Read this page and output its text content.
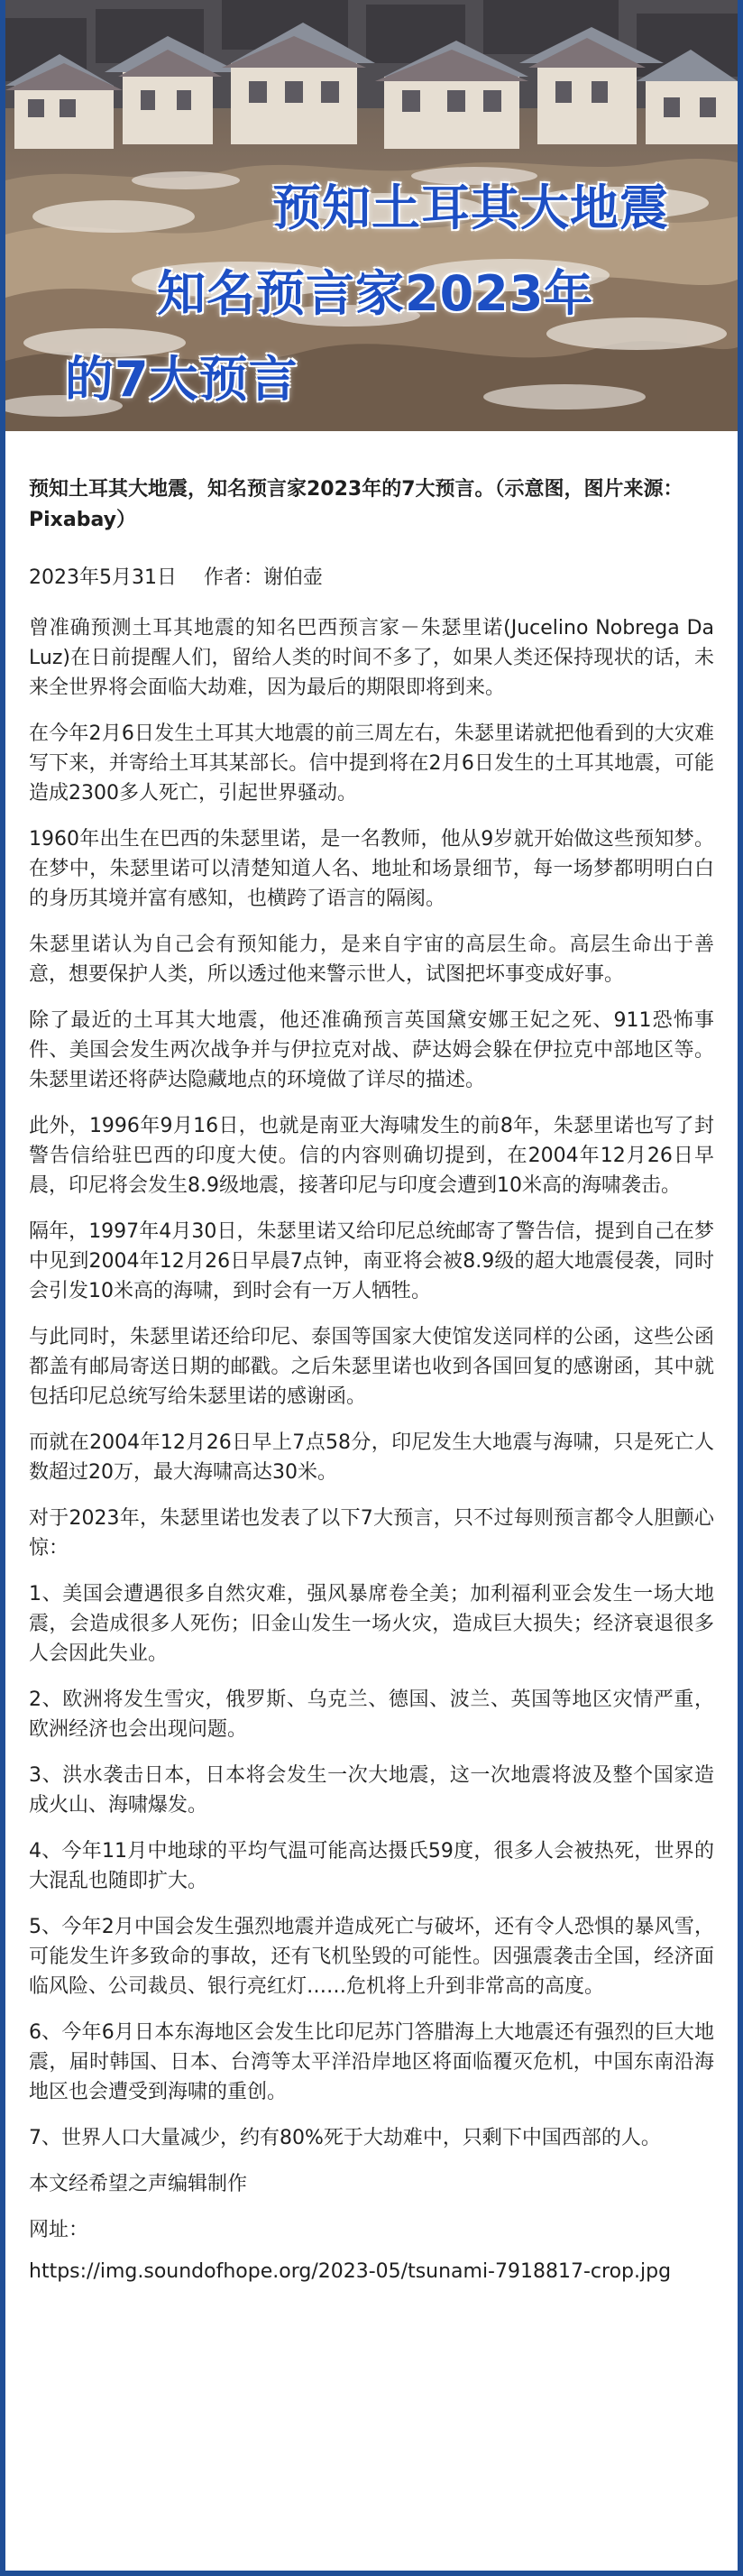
预知土耳其大地震
知名预言家2023年
的7大预言

预知土耳其大地震，知名预言家2023年的7大预言。（示意图，图片来源：Pixabay）

2023年5月31日 作者：谢伯壶

曾准确预测土耳其地震的知名巴西预言家－朱瑟里诺(Jucelino Nobrega Da Luz)在日前提醒人们，留给人类的时间不多了，如果人类还保持现状的话，未来全世界将会面临大劫难，因为最后的期限即将到来。

在今年2月6日发生土耳其大地震的前三周左右，朱瑟里诺就把他看到的大灾难写下来，并寄给土耳其某部长。信中提到将在2月6日发生的土耳其地震，可能造成2300多人死亡，引起世界骚动。

1960年出生在巴西的朱瑟里诺，是一名教师，他从9岁就开始做这些预知梦。在梦中，朱瑟里诺可以清楚知道人名、地址和场景细节，每一场梦都明明白白的身历其境并富有感知，也横跨了语言的隔阂。

朱瑟里诺认为自己会有预知能力，是来自宇宙的高层生命。高层生命出于善意，想要保护人类，所以透过他来警示世人，试图把坏事变成好事。

除了最近的土耳其大地震，他还准确预言英国黛安娜王妃之死、911恐怖事件、美国会发生两次战争并与伊拉克对战、萨达姆会躲在伊拉克中部地区等。朱瑟里诺还将萨达隐藏地点的环境做了详尽的描述。

此外，1996年9月16日，也就是南亚大海啸发生的前8年，朱瑟里诺也写了封警告信给驻巴西的印度大使。信的内容则确切提到，在2004年12月26日早晨，印尼将会发生8.9级地震，接著印尼与印度会遭到10米高的海啸袭击。

隔年，1997年4月30日，朱瑟里诺又给印尼总统邮寄了警告信，提到自己在梦中见到2004年12月26日早晨7点钟，南亚将会被8.9级的超大地震侵袭，同时会引发10米高的海啸，到时会有一万人牺牲。

与此同时，朱瑟里诺还给印尼、泰国等国家大使馆发送同样的公函，这些公函都盖有邮局寄送日期的邮戳。之后朱瑟里诺也收到各国回复的感谢函，其中就包括印尼总统写给朱瑟里诺的感谢函。

而就在2004年12月26日早上7点58分，印尼发生大地震与海啸，只是死亡人数超过20万，最大海啸高达30米。

对于2023年，朱瑟里诺也发表了以下7大预言，只不过每则预言都令人胆颤心惊：

1、美国会遭遇很多自然灾难，强风暴席卷全美；加利福利亚会发生一场大地震，会造成很多人死伤；旧金山发生一场火灾，造成巨大损失；经济衰退很多人会因此失业。

2、欧洲将发生雪灾，俄罗斯、乌克兰、德国、波兰、英国等地区灾情严重，欧洲经济也会出现问题。

3、洪水袭击日本，日本将会发生一次大地震，这一次地震将波及整个国家造成火山、海啸爆发。

4、今年11月中地球的平均气温可能高达摄氏59度，很多人会被热死，世界的大混乱也随即扩大。

5、今年2月中国会发生强烈地震并造成死亡与破坏，还有令人恐惧的暴风雪，可能发生许多致命的事故，还有飞机坠毁的可能性。因强震袭击全国，经济面临风险、公司裁员、银行亮红灯……危机将上升到非常高的高度。

6、今年6月日本东海地区会发生比印尼苏门答腊海上大地震还有强烈的巨大地震，届时韩国、日本、台湾等太平洋沿岸地区将面临覆灭危机，中国东南沿海地区也会遭受到海啸的重创。

7、世界人口大量减少，约有80%死于大劫难中，只剩下中国西部的人。

本文经希望之声编辑制作

网址：

https://img.soundofhope.org/2023-05/tsunami-7918817-crop.jpg
